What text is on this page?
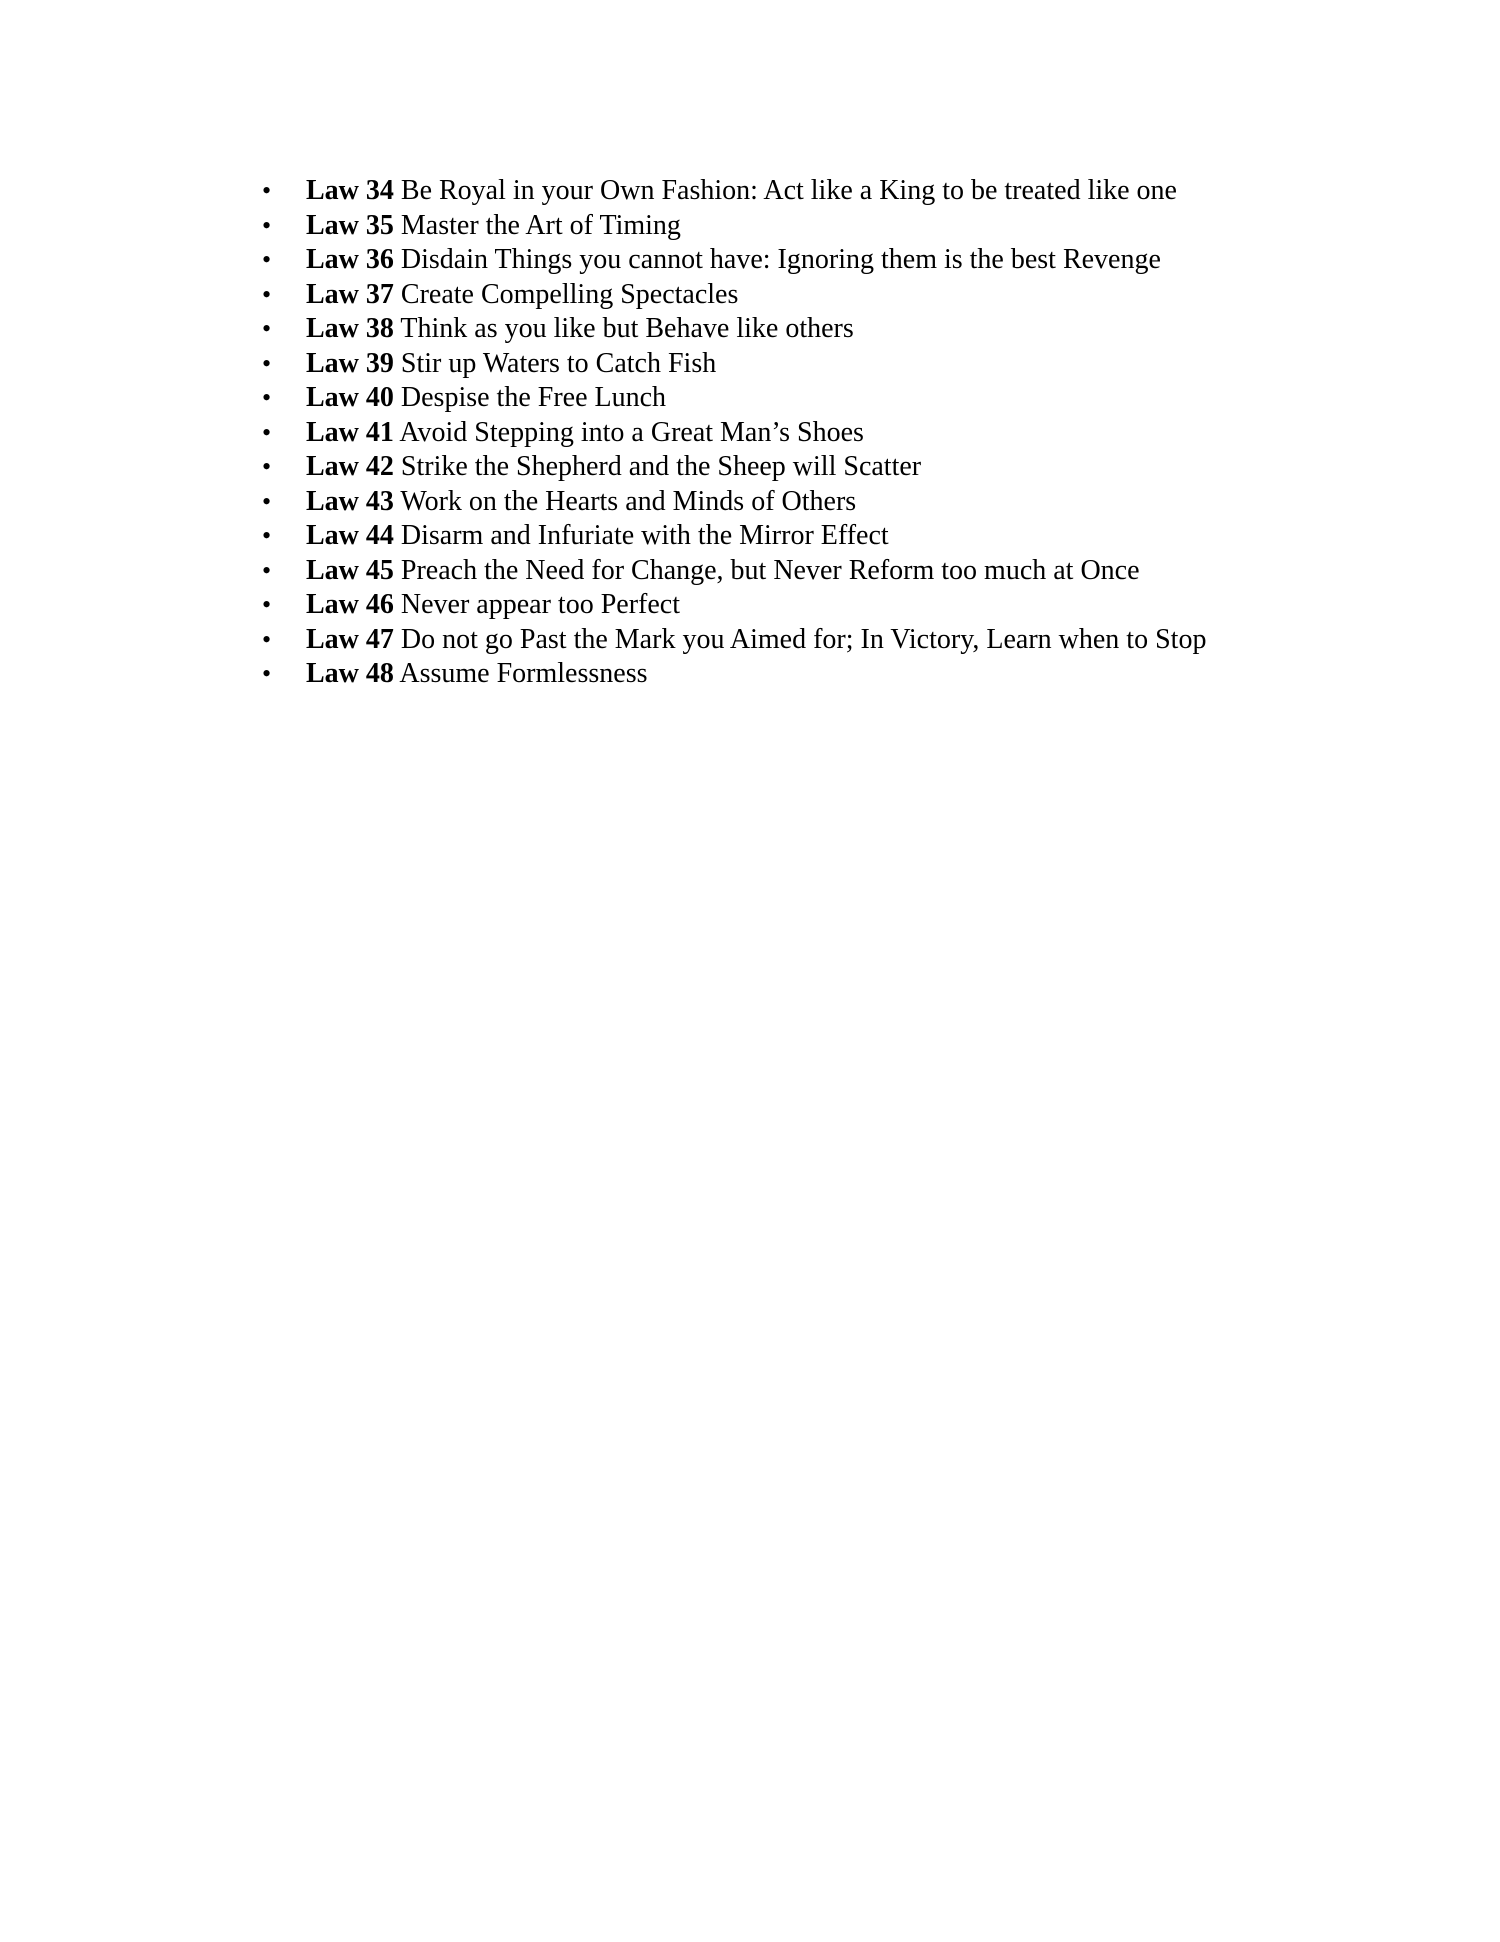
• Law 34 Be Royal in your Own Fashion: Act like a King to be treated like one
• Law 35 Master the Art of Timing
• Law 36 Disdain Things you cannot have: Ignoring them is the best Revenge
• Law 37 Create Compelling Spectacles
• Law 38 Think as you like but Behave like others
• Law 39 Stir up Waters to Catch Fish
• Law 40 Despise the Free Lunch
• Law 41 Avoid Stepping into a Great Man’s Shoes
• Law 42 Strike the Shepherd and the Sheep will Scatter
• Law 43 Work on the Hearts and Minds of Others
• Law 44 Disarm and Infuriate with the Mirror Effect
• Law 45 Preach the Need for Change, but Never Reform too much at Once
• Law 46 Never appear too Perfect
• Law 47 Do not go Past the Mark you Aimed for; In Victory, Learn when to Stop
• Law 48 Assume Formlessness
